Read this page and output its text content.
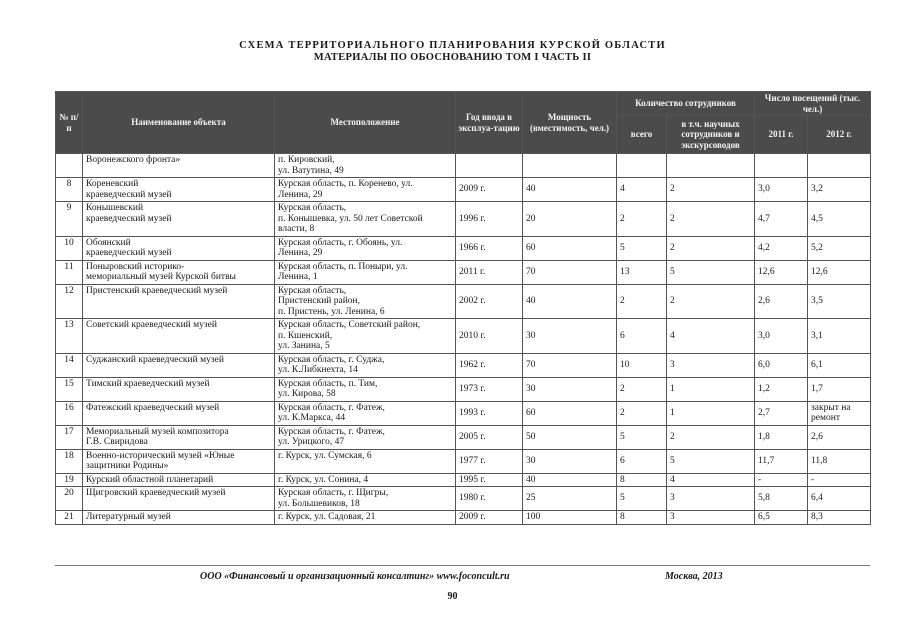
СХЕМА ТЕРРИТОРИАЛЬНОГО ПЛАНИРОВАНИЯ КУРСКОЙ ОБЛАСТИ
МАТЕРИАЛЫ ПО ОБОСНОВАНИЮ ТОМ I ЧАСТЬ II
№ п/п	Наименование объекта	Местоположение	Год ввода в эксплуа-тацию	Мощность (вместимость, чел.)	Количество сотрудников		Число посещений (тыс. чел.)	
					всего	в т.ч. научных сотрудников и экскурсоводов	2011 г.	2012 г.
	Воронежского фронта»	п. Кировский,
ул. Ватутина, 49						
8	Кореневский
краеведческий музей	Курская область, п. Коренево, ул.
Ленина, 29	2009 г.	40	4	2	3,0	3,2
9	Конышевский
краеведческий музей	Курская область,
п. Конышевка, ул. 50 лет Советской
власти, 8	1996 г.	20	2	2	4,7	4,5
10	Обоянский
краеведческий музей	Курская область, г. Обоянь, ул.
Ленина, 29	1966 г.	60	5	2	4,2	5,2
11	Поныровский историко-
мемориальный музей Курской битвы	Курская область, п. Поныри, ул.
Ленина, 1	2011 г.	70	13	5	12,6	12,6
12	Пристенский краеведческий музей	Курская область,
Пристенский район,
п. Пристень, ул. Ленина, 6	2002 г.	40	2	2	2,6	3,5
13	Советский краеведческий музей	Курская область, Советский район,
п. Кшенский,
ул. Занина, 5	2010 г.	30	6	4	3,0	3,1
14	Суджанский краеведческий музей	Курская область, г. Суджа,
ул. К.Либкнехта, 14	1962 г.	70	10	3	6,0	6,1
15	Тимский краеведческий музей	Курская область, п. Тим,
ул. Кирова, 58	1973 г.	30	2	1	1,2	1,7
16	Фатежский краеведческий музей	Курская область, г. Фатеж,
ул. К.Маркса, 44	1993 г.	60	2	1	2,7	закрыт на
ремонт
17	Мемориальный музей композитора
Г.В. Свиридова	Курская область, г. Фатеж,
ул. Урицкого, 47	2005 г.	50	5	2	1,8	2,6
18	Военно-исторический музей «Юные
защитники Родины»	г. Курск, ул. Сумская, 6	1977 г.	30	6	5	11,7	11,8
19	Курский областной планетарий	г. Курск, ул. Сонина, 4	1995 г.	40	8	4	-	-
20	Щигровский краеведческий музей	Курская область, г. Щигры,
ул. Большевиков, 18	1980 г.	25	5	3	5,8	6,4
21	Литературный музей	г. Курск, ул. Садовая, 21	2009 г.	100	8	3	6,5	8,3
ООО «Финансовый и организационный консалтинг» www.foconcult.ru	Москва, 2013
90
